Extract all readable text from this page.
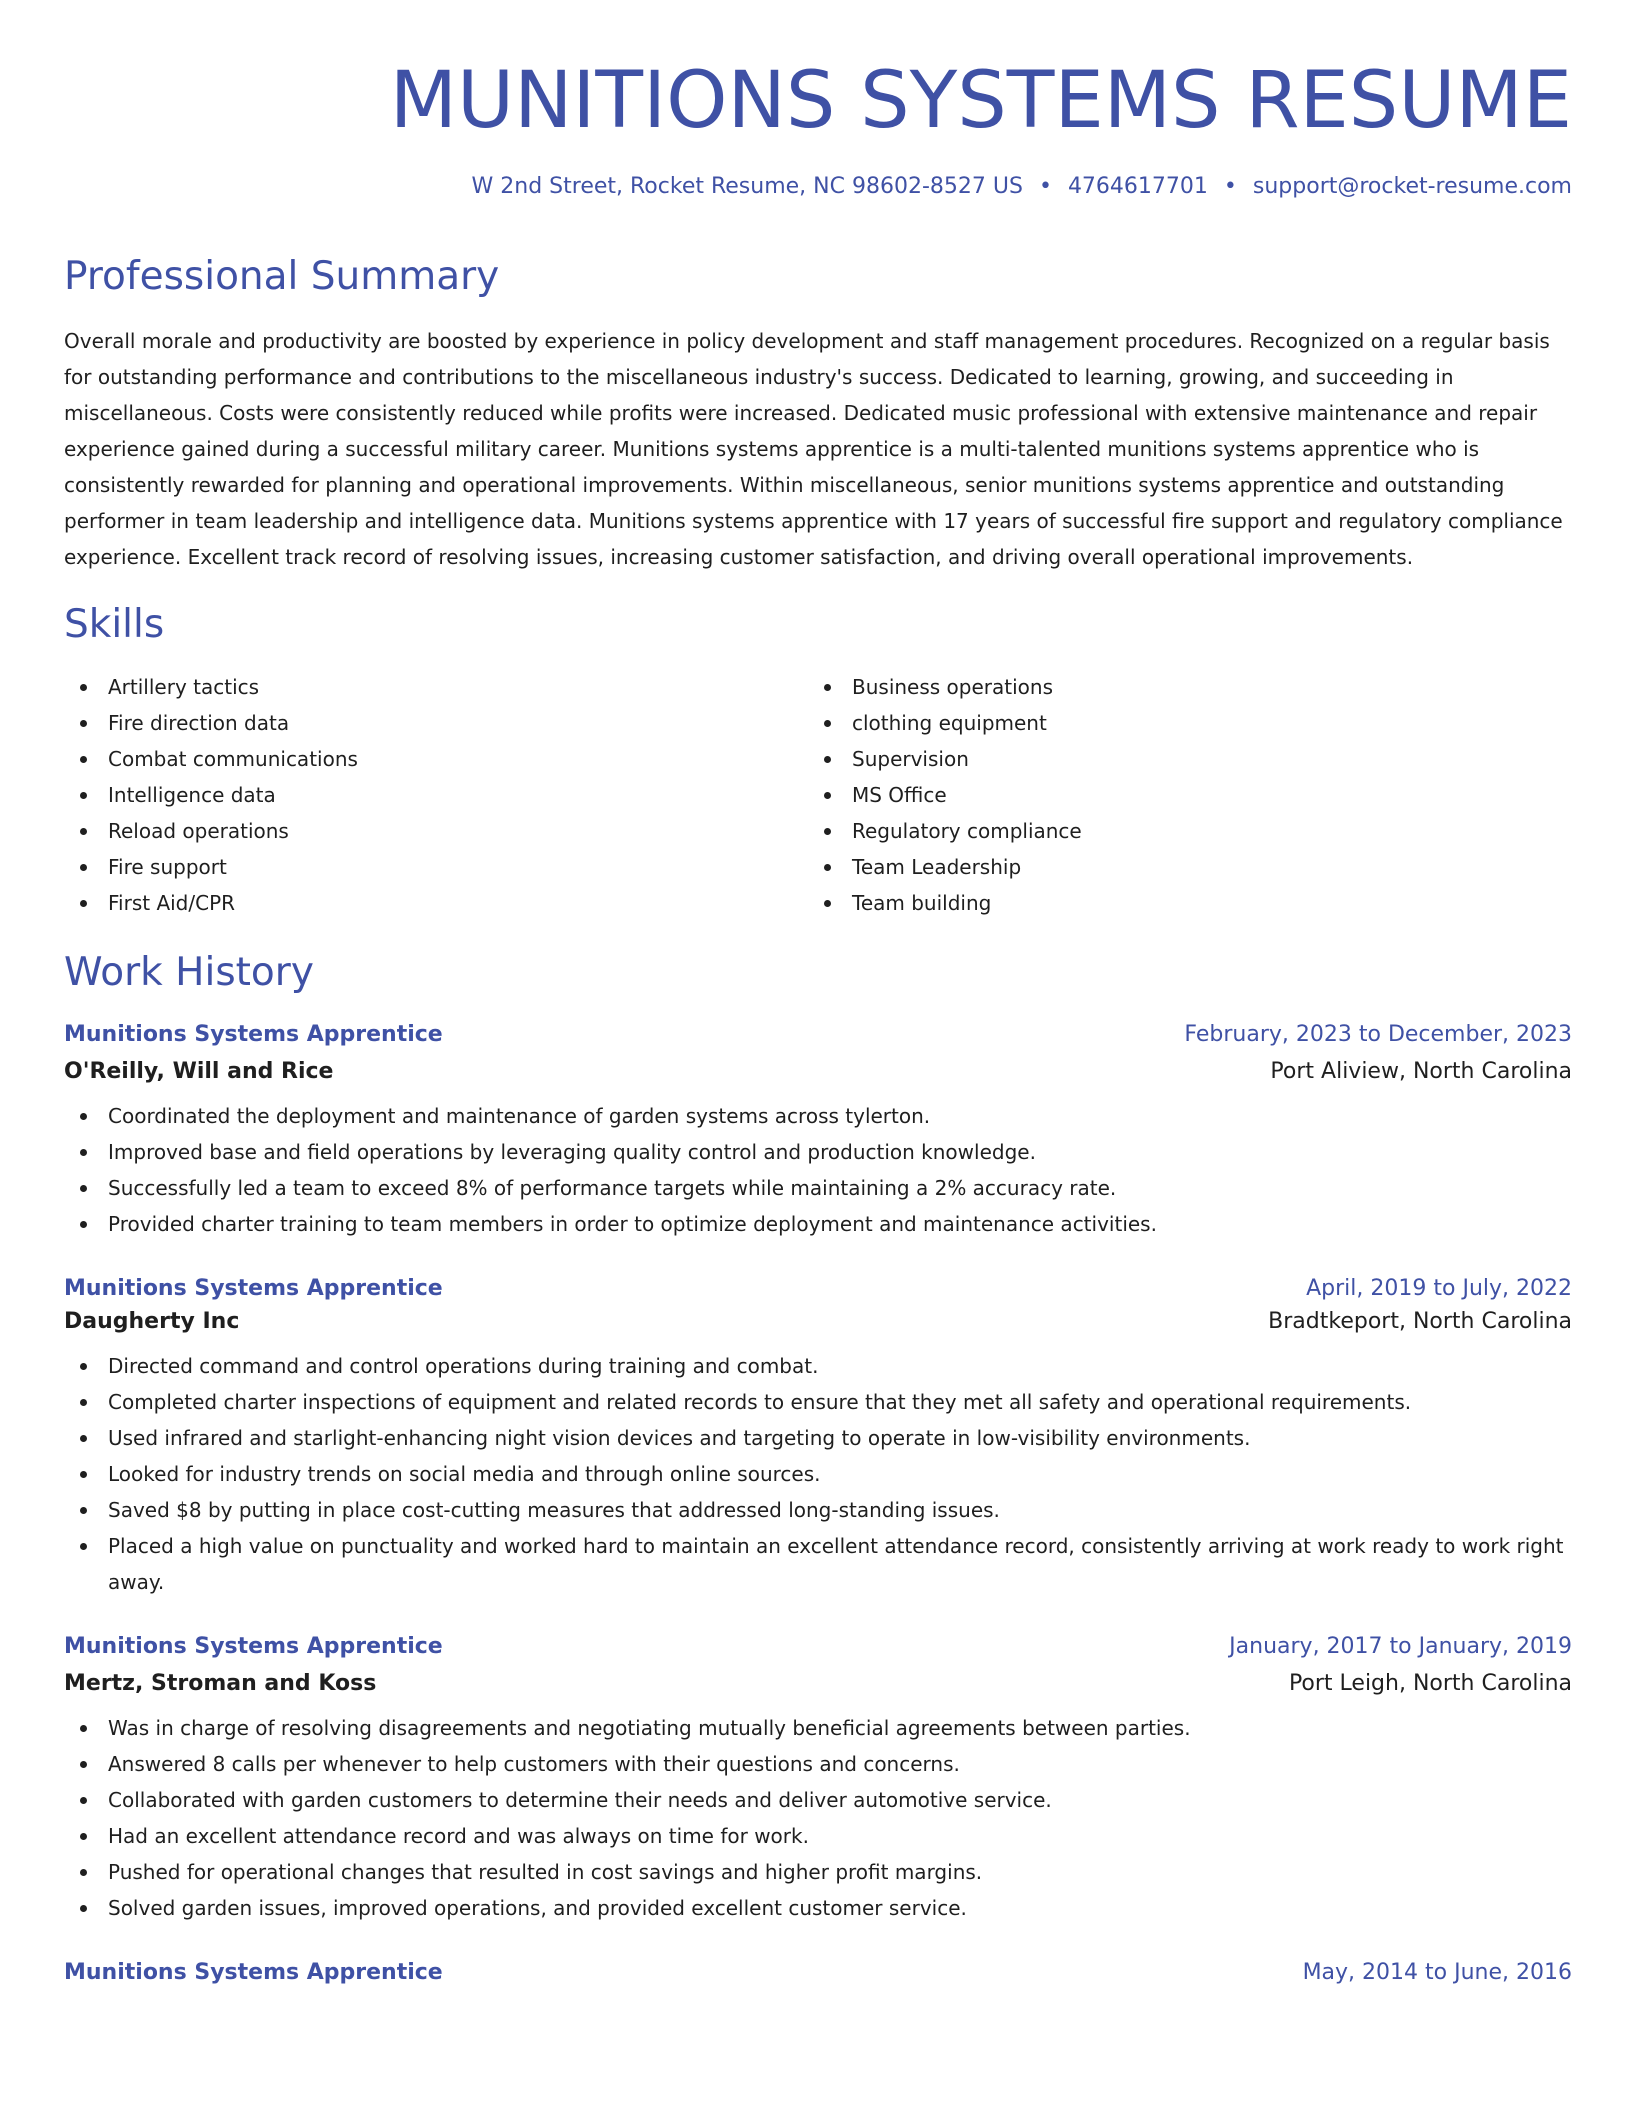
MUNITIONS SYSTEMS RESUME
W 2nd Street, Rocket Resume, NC 98602-8527 US • 4764617701 • support@rocket-resume.com
Professional Summary

Overall morale and productivity are boosted by experience in policy development and staff management procedures. Recognized on a regular basis for outstanding performance and contributions to the miscellaneous industry's success. Dedicated to learning, growing, and succeeding in miscellaneous. Costs were consistently reduced while profits were increased. Dedicated music professional with extensive maintenance and repair experience gained during a successful military career. Munitions systems apprentice is a multi-talented munitions systems apprentice who is consistently rewarded for planning and operational improvements. Within miscellaneous, senior munitions systems apprentice and outstanding performer in team leadership and intelligence data. Munitions systems apprentice with 17 years of successful fire support and regulatory compliance experience. Excellent track record of resolving issues, increasing customer satisfaction, and driving overall operational improvements.

Skills
Artillery tactics
Fire direction data
Combat communications
Intelligence data
Reload operations
Fire support
First Aid/CPR
Business operations
clothing equipment
Supervision
MS Office
Regulatory compliance
Team Leadership
Team building
Work History
Munitions Systems Apprentice	February, 2023 to December, 2023
O'Reilly, Will and Rice	Port Aliview, North Carolina
Coordinated the deployment and maintenance of garden systems across tylerton.
Improved base and field operations by leveraging quality control and production knowledge.
Successfully led a team to exceed 8% of performance targets while maintaining a 2% accuracy rate.
Provided charter training to team members in order to optimize deployment and maintenance activities.
Munitions Systems Apprentice	April, 2019 to July, 2022
Daugherty Inc	Bradtkeport, North Carolina
Directed command and control operations during training and combat.
Completed charter inspections of equipment and related records to ensure that they met all safety and operational requirements.
Used infrared and starlight-enhancing night vision devices and targeting to operate in low-visibility environments.
Looked for industry trends on social media and through online sources.
Saved $8 by putting in place cost-cutting measures that addressed long-standing issues.
Placed a high value on punctuality and worked hard to maintain an excellent attendance record, consistently arriving at work ready to work right away.
Munitions Systems Apprentice	January, 2017 to January, 2019
Mertz, Stroman and Koss	Port Leigh, North Carolina
Was in charge of resolving disagreements and negotiating mutually beneficial agreements between parties.
Answered 8 calls per whenever to help customers with their questions and concerns.
Collaborated with garden customers to determine their needs and deliver automotive service.
Had an excellent attendance record and was always on time for work.
Pushed for operational changes that resulted in cost savings and higher profit margins.
Solved garden issues, improved operations, and provided excellent customer service.
Munitions Systems Apprentice	May, 2014 to June, 2016
